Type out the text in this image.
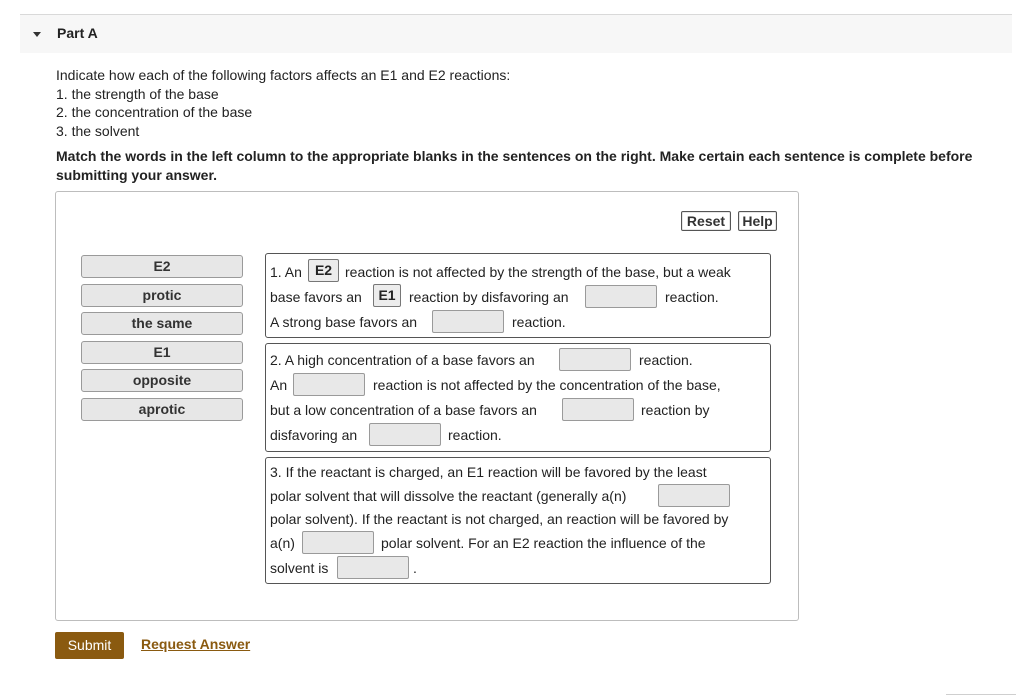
Part A
Indicate how each of the following factors affects an E1 and E2 reactions:
1. the strength of the base
2. the concentration of the base
3. the solvent
Match the words in the left column to the appropriate blanks in the sentences on the right. Make certain each sentence is complete before submitting your answer.
Reset	Help
E2
protic
the same
E1
opposite
aprotic
1. An E2 reaction is not affected by the strength of the base, but a weak
base favors an	E1 reaction by disfavoring an	reaction.
A strong base favors an	reaction.
2. A high concentration of a base favors an	reaction.
An	reaction is not affected by the concentration of the base,
but a low concentration of a base favors an	reaction by
disfavoring an	reaction.
3. If the reactant is charged, an E1 reaction will be favored by the least
polar solvent that will dissolve the reactant (generally a(n)
polar solvent). If the reactant is not charged, an reaction will be favored by
a(n)	polar solvent. For an E2 reaction the influence of the
solvent is	.
Submit	Request Answer
